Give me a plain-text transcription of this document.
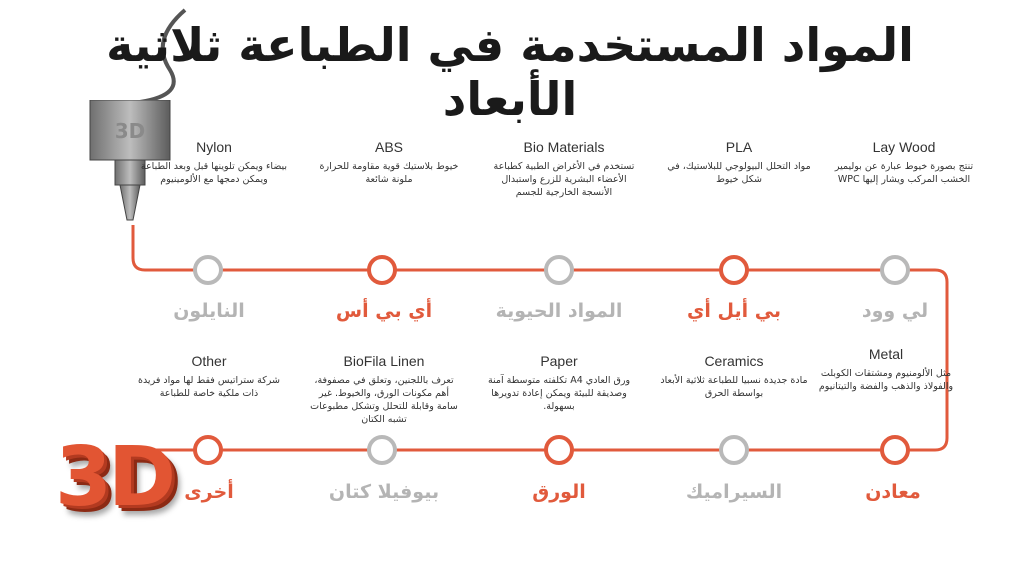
المواد المستخدمة في الطباعة ثلاثية الأبعاد
3D
Nylon
بيضاء ويمكن تلوينها قبل وبعد الطباعة ويمكن دمجها مع الألومينيوم
النايلون
ABS
خيوط بلاستيك قوية مقاومة للحرارة ملونة شائعة
أي بي أس
Bio Materials
تستخدم في الأغراض الطبية كطباعة الأعضاء البشرية للزرع واستبدال الأنسجة الخارجية للجسم
المواد الحيوية
PLA
مواد التحلل البيولوجي للبلاستيك، في شكل خيوط
بي أيل أي
Lay Wood
تنتج بصورة خيوط عبارة عن بوليمير الخشب المركب ويشار إليها WPC
لي وود
Other
شركة ستراتيس فقط لها مواد فريدة ذات ملكية خاصة للطباعة
أخرى
BioFila Linen
تعرف باللجنين، وتعلق في مصفوفة، أهم مكونات الورق، والخيوط. غير سامة وقابلة للتحلل وتشكل مطبوعات تشبه الكتان
بيوفيلا كتان
Paper
ورق العادي A4 تكلفته متوسطة آمنة وصديقة للبيئة ويمكن إعادة تدويرها بسهولة.
الورق
Ceramics
مادة جديدة نسبيا للطباعة ثلاثية الأبعاد بواسطة الحرق
السيراميك
Metal
مثل الألومنيوم ومشتقات الكوبلت والفولاذ والذهب والفضة والتيتانيوم
معادن
3D
